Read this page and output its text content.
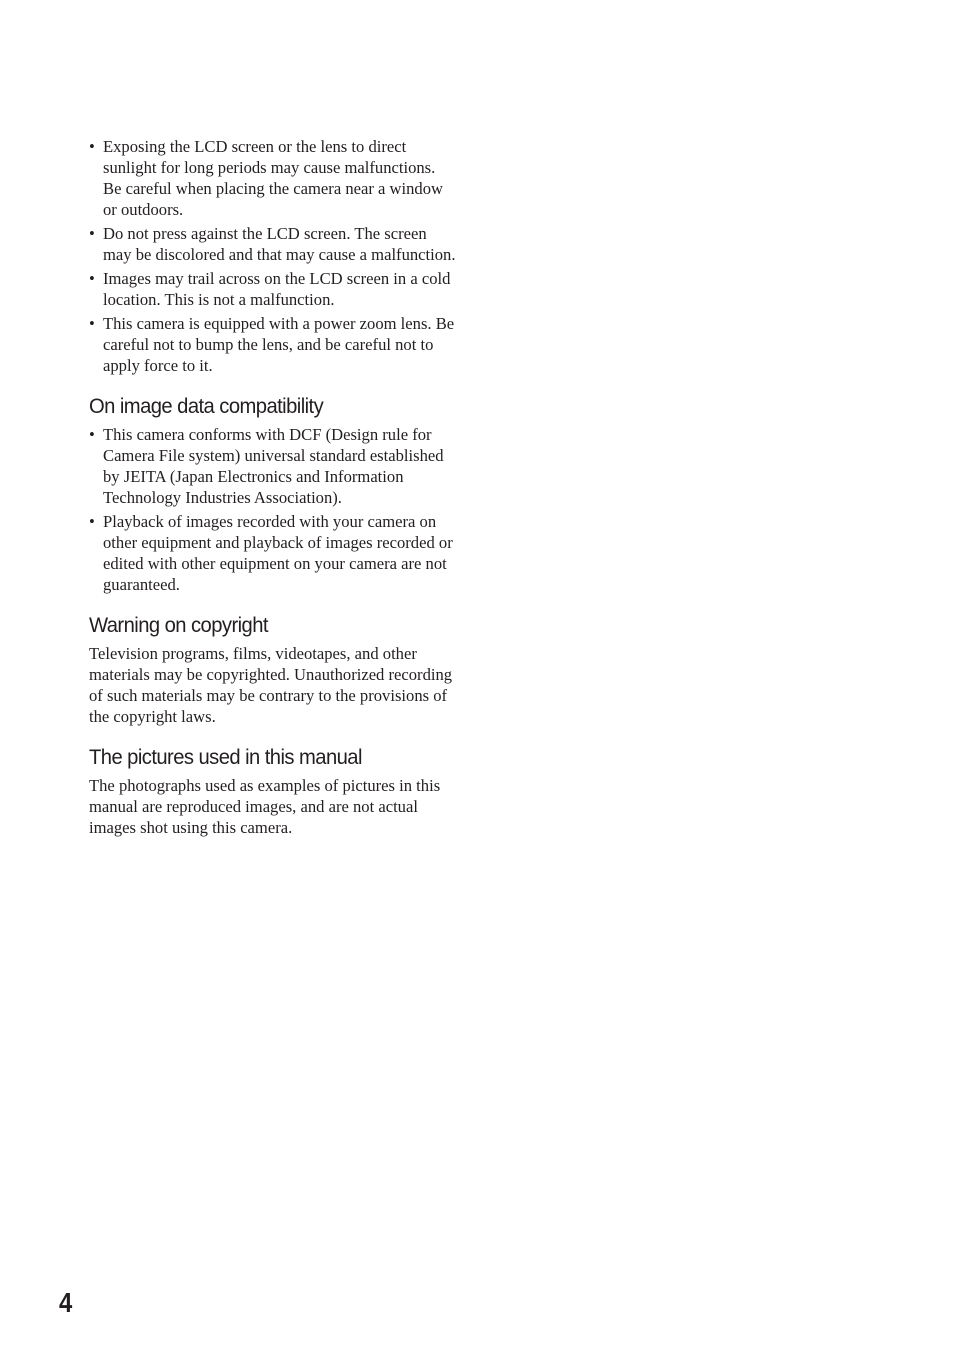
• Exposing the LCD screen or the lens to direct sunlight for long periods may cause malfunctions. Be careful when placing the camera near a window or outdoors.
• Do not press against the LCD screen. The screen may be discolored and that may cause a malfunction.
• Images may trail across on the LCD screen in a cold location. This is not a malfunction.
• This camera is equipped with a power zoom lens. Be careful not to bump the lens, and be careful not to apply force to it.
On image data compatibility
• This camera conforms with DCF (Design rule for Camera File system) universal standard established by JEITA (Japan Electronics and Information Technology Industries Association).
• Playback of images recorded with your camera on other equipment and playback of images recorded or edited with other equipment on your camera are not guaranteed.
Warning on copyright

Television programs, films, videotapes, and other materials may be copyrighted. Unauthorized recording of such materials may be contrary to the provisions of the copyright laws.

The pictures used in this manual

The photographs used as examples of pictures in this manual are reproduced images, and are not actual images shot using this camera.

4
